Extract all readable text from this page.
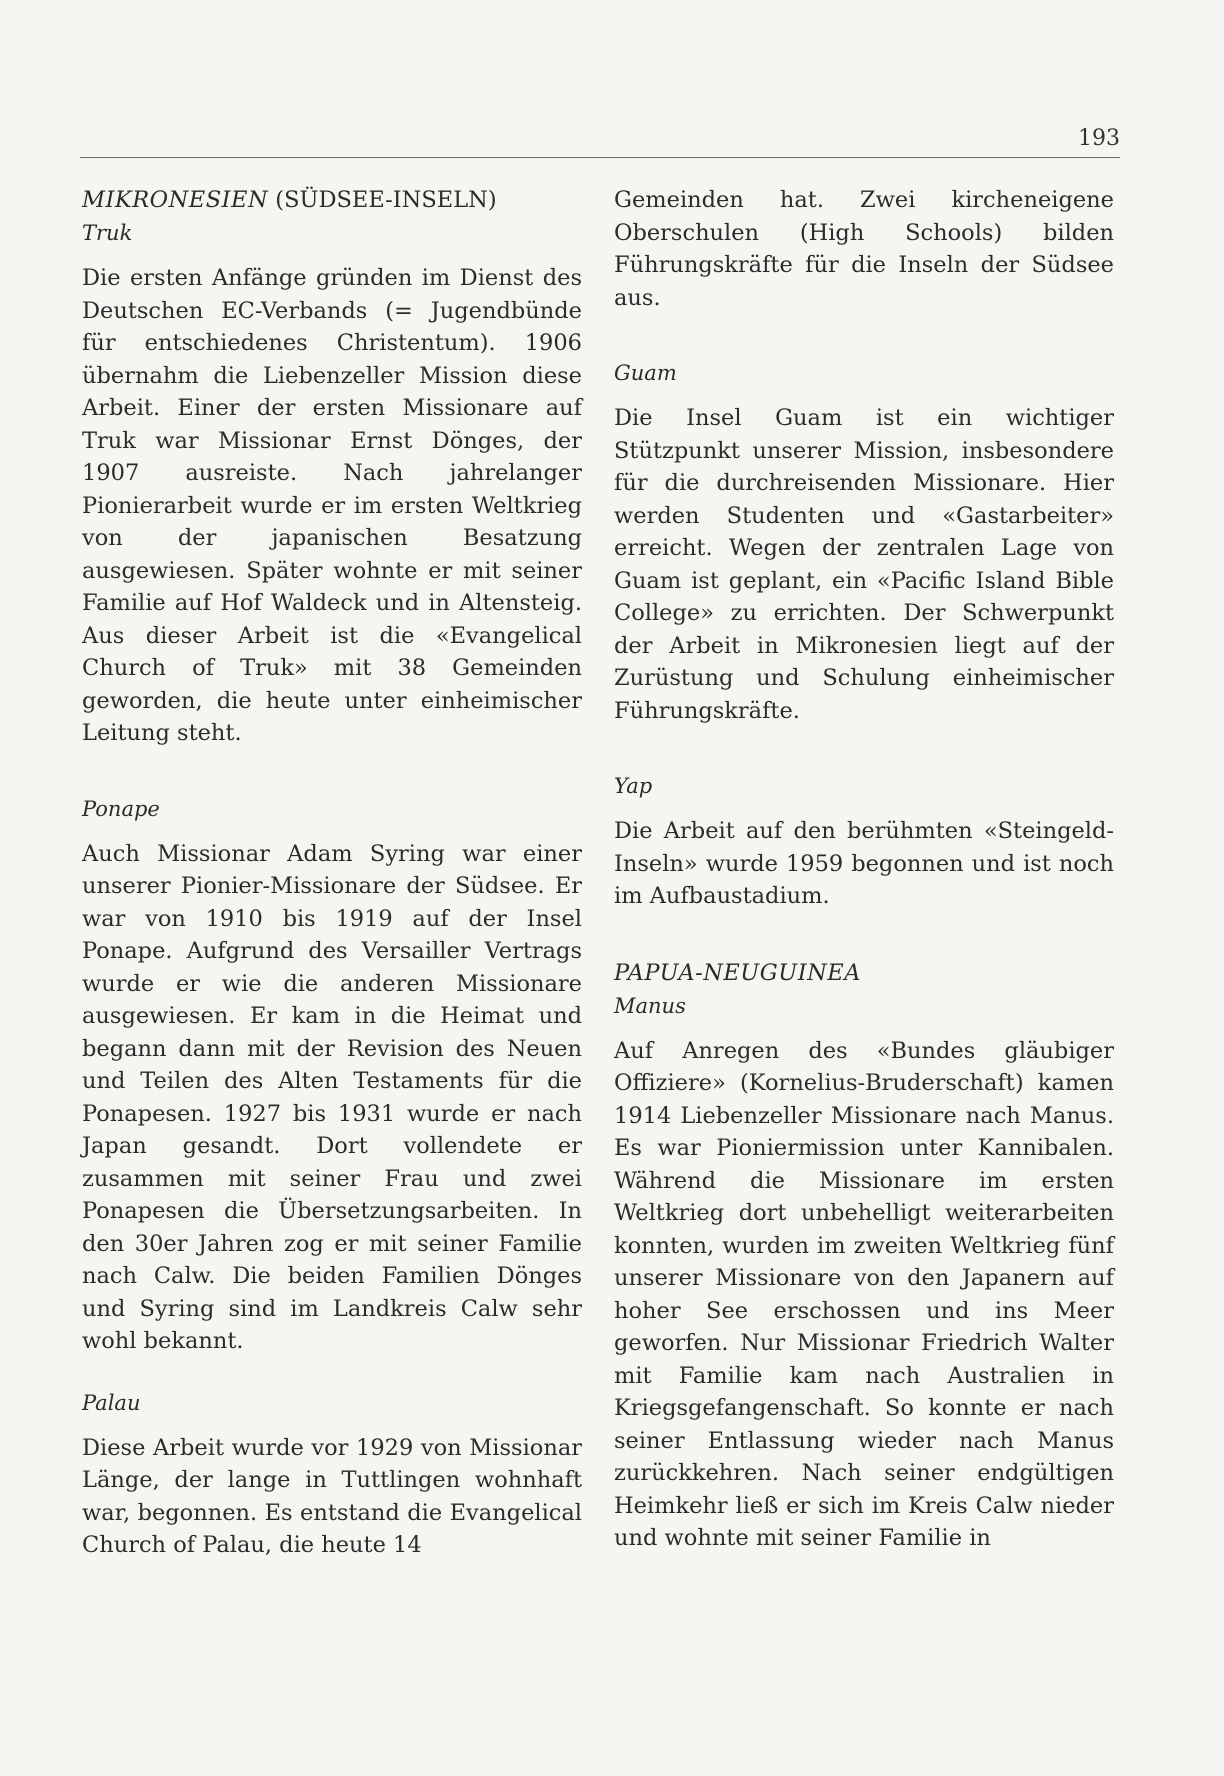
193

MIKRONESIEN (SÜDSEE-INSELN)

Truk

Die ersten Anfänge gründen im Dienst des Deutschen EC-Verbands (= Jugendbünde für entschiedenes Christentum). 1906 übernahm die Liebenzeller Mission diese Arbeit. Einer der ersten Missionare auf Truk war Missionar Ernst Dönges, der 1907 ausreiste. Nach jahrelanger Pionierarbeit wurde er im ersten Weltkrieg von der japanischen Besatzung ausgewiesen. Später wohnte er mit seiner Familie auf Hof Waldeck und in Altensteig. Aus dieser Arbeit ist die «Evangelical Church of Truk» mit 38 Gemeinden geworden, die heute unter einheimischer Leitung steht.

Ponape

Auch Missionar Adam Syring war einer unserer Pionier-Missionare der Südsee. Er war von 1910 bis 1919 auf der Insel Ponape. Aufgrund des Versailler Vertrags wurde er wie die anderen Missionare ausgewiesen. Er kam in die Heimat und begann dann mit der Revision des Neuen und Teilen des Alten Testaments für die Ponapesen. 1927 bis 1931 wurde er nach Japan gesandt. Dort vollendete er zusammen mit seiner Frau und zwei Ponapesen die Übersetzungsarbeiten. In den 30er Jahren zog er mit seiner Familie nach Calw. Die beiden Familien Dönges und Syring sind im Landkreis Calw sehr wohl bekannt.

Palau

Diese Arbeit wurde vor 1929 von Missionar Länge, der lange in Tuttlingen wohnhaft war, begonnen. Es entstand die Evangelical Church of Palau, die heute 14

Gemeinden hat. Zwei kircheneigene Oberschulen (High Schools) bilden Führungskräfte für die Inseln der Südsee aus.

Guam

Die Insel Guam ist ein wichtiger Stützpunkt unserer Mission, insbesondere für die durchreisenden Missionare. Hier werden Studenten und «Gastarbeiter» erreicht. Wegen der zentralen Lage von Guam ist geplant, ein «Pacific Island Bible College» zu errichten. Der Schwerpunkt der Arbeit in Mikronesien liegt auf der Zurüstung und Schulung einheimischer Führungskräfte.

Yap

Die Arbeit auf den berühmten «Steingeld-Inseln» wurde 1959 begonnen und ist noch im Aufbaustadium.

PAPUA-NEUGUINEA

Manus

Auf Anregen des «Bundes gläubiger Offiziere» (Kornelius-Bruderschaft) kamen 1914 Liebenzeller Missionare nach Manus. Es war Pioniermission unter Kannibalen. Während die Missionare im ersten Weltkrieg dort unbehelligt weiterarbeiten konnten, wurden im zweiten Weltkrieg fünf unserer Missionare von den Japanern auf hoher See erschossen und ins Meer geworfen. Nur Missionar Friedrich Walter mit Familie kam nach Australien in Kriegsgefangenschaft. So konnte er nach seiner Entlassung wieder nach Manus zurückkehren. Nach seiner endgültigen Heimkehr ließ er sich im Kreis Calw nieder und wohnte mit seiner Familie in
